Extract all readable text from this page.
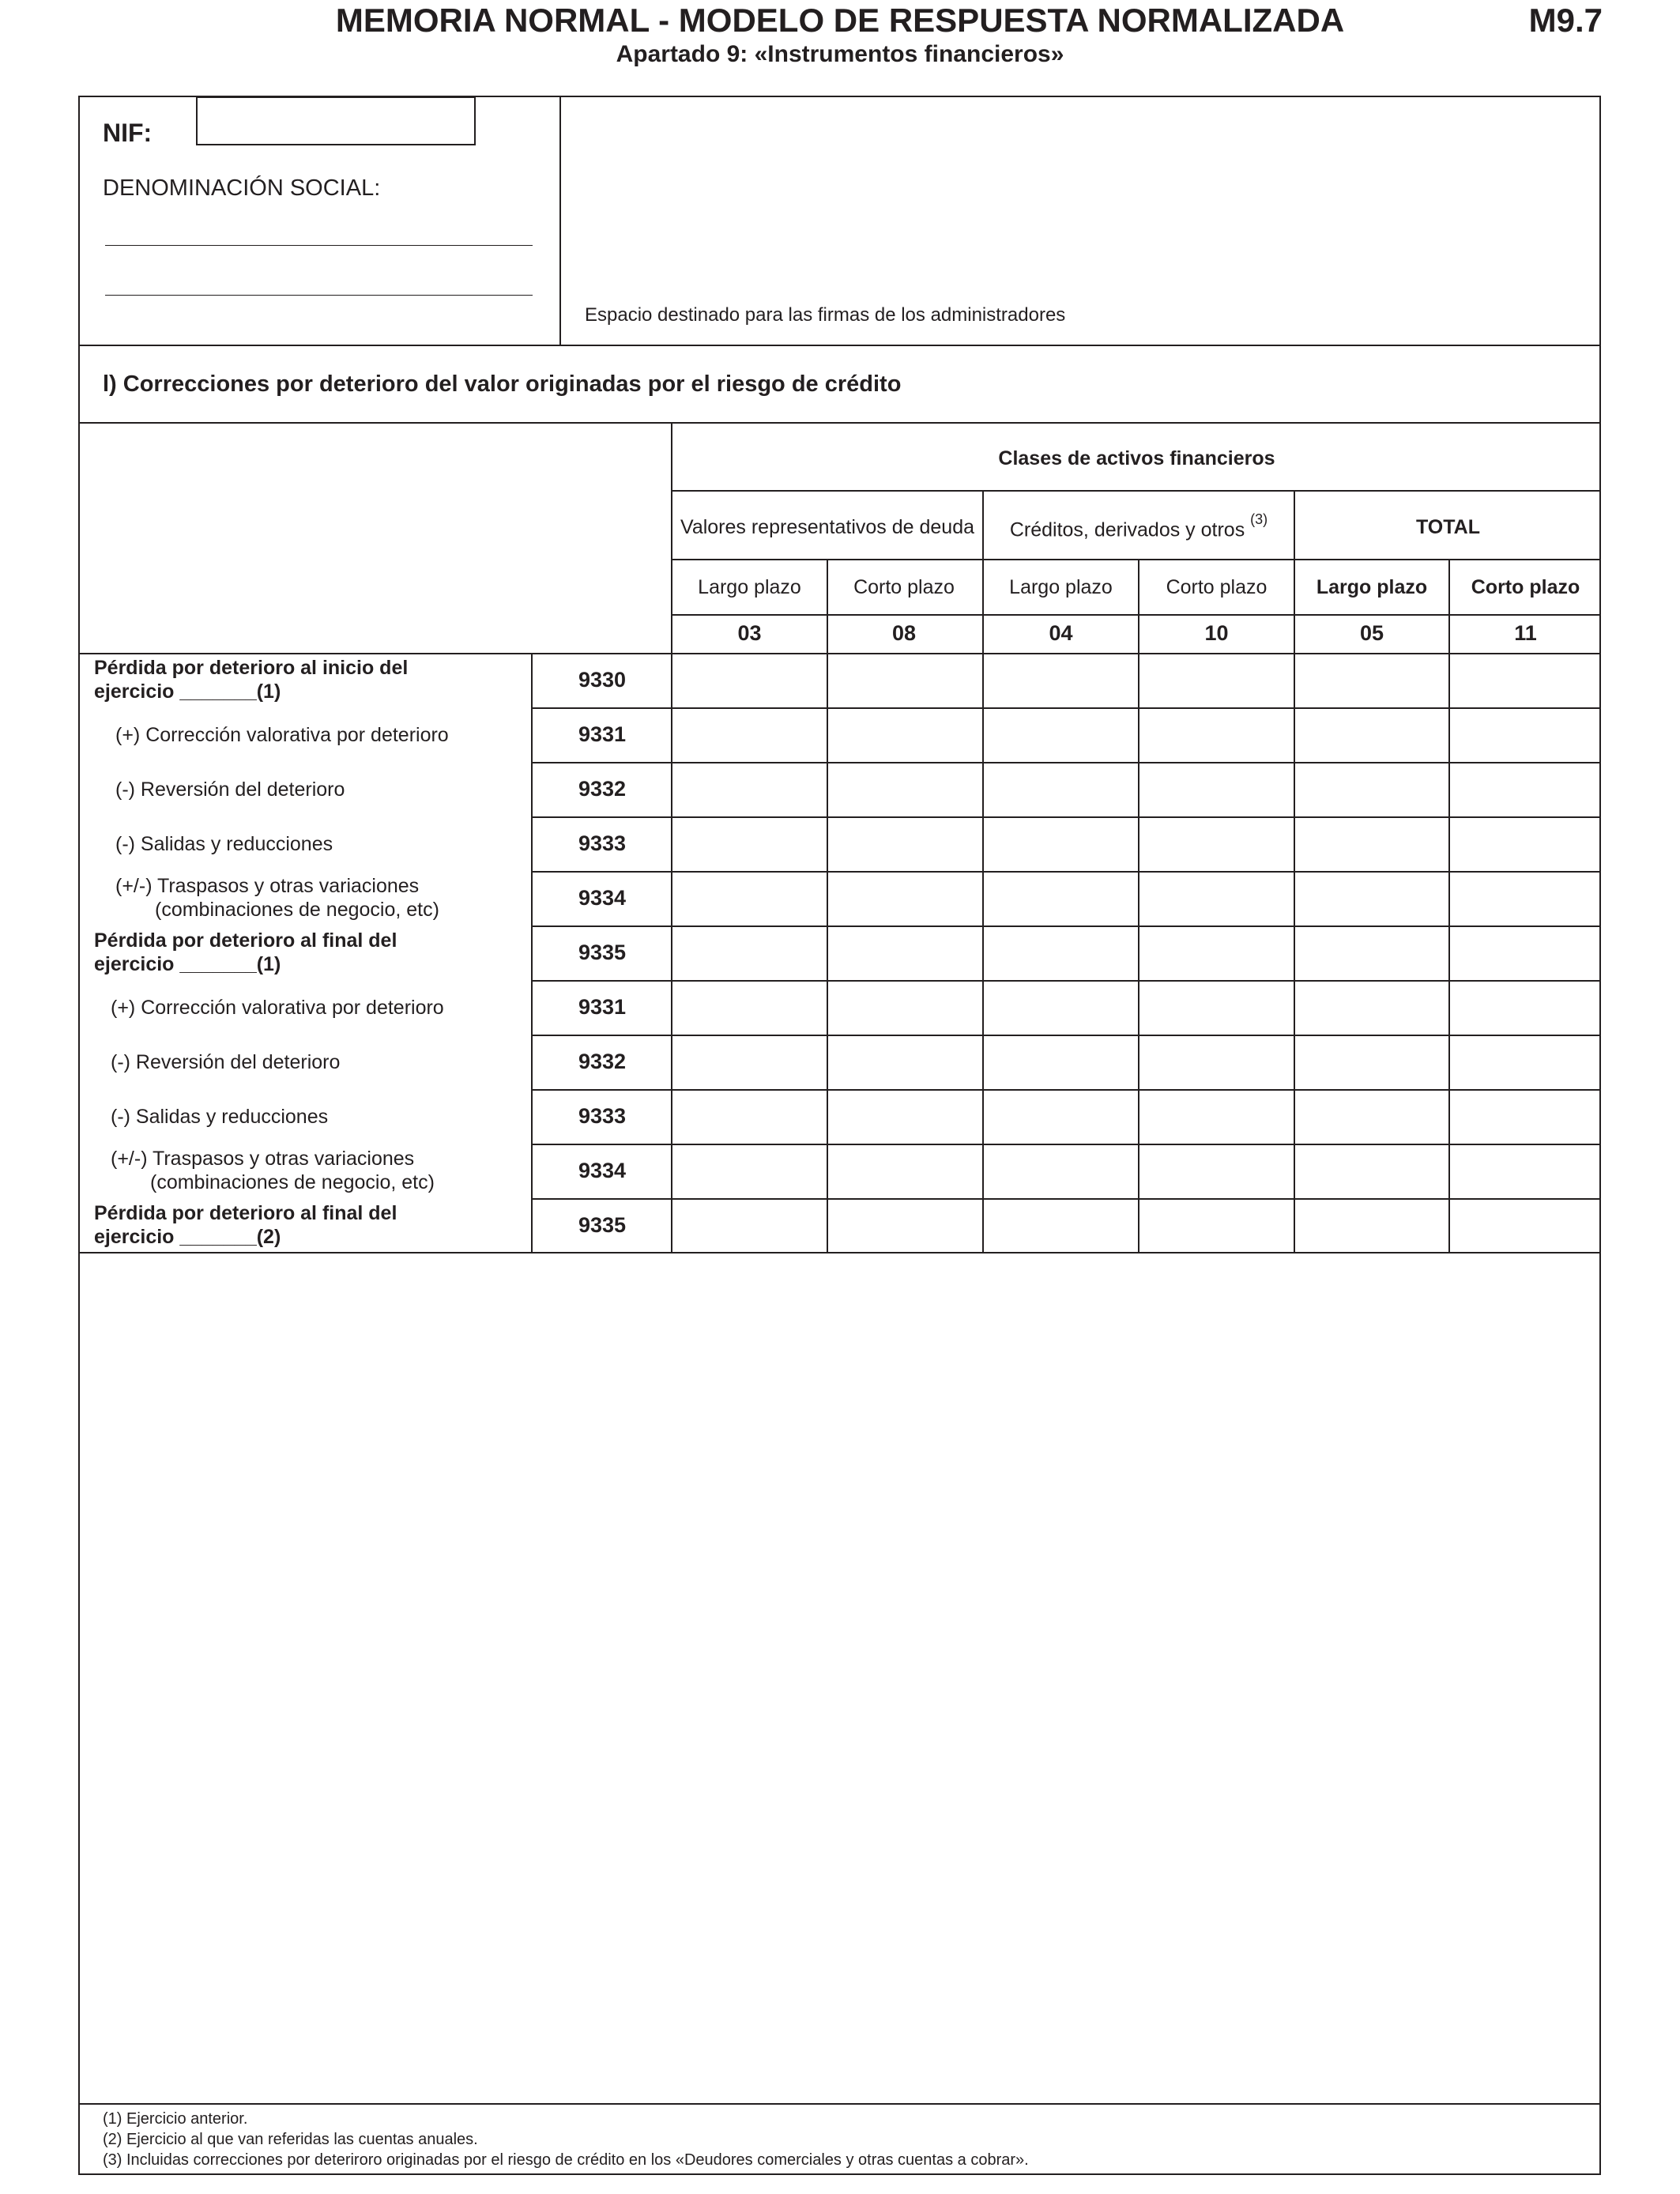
MEMORIA NORMAL - MODELO DE RESPUESTA NORMALIZADA	M9.7
Apartado 9: «Instrumentos financieros»
NIF:
DENOMINACIÓN SOCIAL:
Espacio destinado para las firmas de los administradores
l) Correcciones por deterioro del valor originadas por el riesgo de crédito
Clases de activos financieros
Valores representativos de deuda	Créditos, derivados y otros $^{(3)}$	TOTAL
Largo plazo	Corto plazo	Largo plazo	Corto plazo	Largo plazo	Corto plazo
03	08	04	10	05	11
Pérdida por deterioro al inicio del
ejercicio _______(1)	9330
(+) Corrección valorativa por deterioro	9331
(-) Reversión del deterioro	9332
(-) Salidas y reducciones	9333
(+/-) Traspasos y otras variaciones
(combinaciones de negocio, etc)	9334
Pérdida por deterioro al final del
ejercicio _______(1)	9335
(+) Corrección valorativa por deterioro	9331
(-) Reversión del deterioro	9332
(-) Salidas y reducciones	9333
(+/-) Traspasos y otras variaciones
(combinaciones de negocio, etc)	9334
Pérdida por deterioro al final del
ejercicio _______(2)	9335
(1) Ejercicio anterior.
(2) Ejercicio al que van referidas las cuentas anuales.
(3) Incluidas correcciones por deteriroro originadas por el riesgo de crédito en los «Deudores comerciales y otras cuentas a cobrar».
